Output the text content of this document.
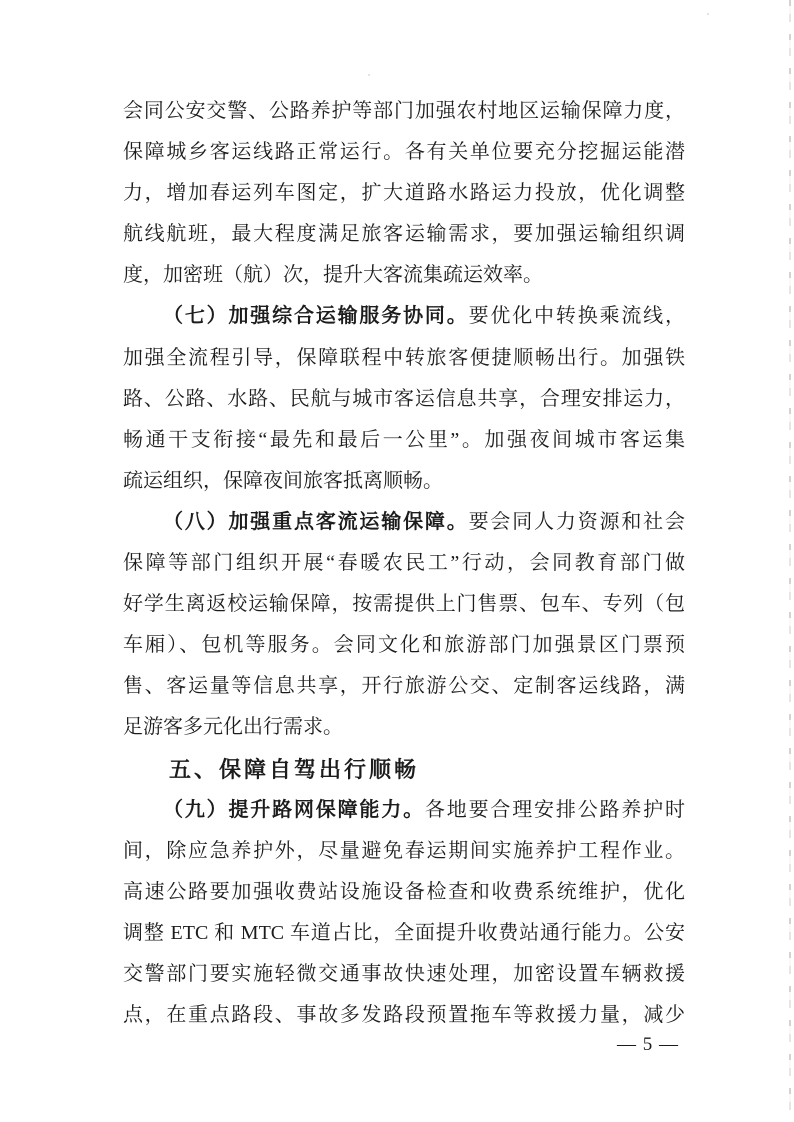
会同公安交警、公路养护等部门加强农村地区运输保障力度，
保障城乡客运线路正常运行。各有关单位要充分挖掘运能潜
力，增加春运列车图定，扩大道路水路运力投放，优化调整
航线航班，最大程度满足旅客运输需求，要加强运输组织调
度，加密班（航）次，提升大客流集疏运效率。
（七）加强综合运输服务协同。要优化中转换乘流线，
加强全流程引导，保障联程中转旅客便捷顺畅出行。加强铁
路、公路、水路、民航与城市客运信息共享，合理安排运力，
畅通干支衔接“最先和最后一公里”。加强夜间城市客运集
疏运组织，保障夜间旅客抵离顺畅。
（八）加强重点客流运输保障。要会同人力资源和社会
保障等部门组织开展“春暖农民工”行动，会同教育部门做
好学生离返校运输保障，按需提供上门售票、包车、专列（包
车厢）、包机等服务。会同文化和旅游部门加强景区门票预
售、客运量等信息共享，开行旅游公交、定制客运线路，满
足游客多元化出行需求。
五、保障自驾出行顺畅
（九）提升路网保障能力。各地要合理安排公路养护时
间，除应急养护外，尽量避免春运期间实施养护工程作业。
高速公路要加强收费站设施设备检查和收费系统维护，优化
调整 ETC 和 MTC 车道占比，全面提升收费站通行能力。公安
交警部门要实施轻微交通事故快速处理，加密设置车辆救援
点，在重点路段、事故多发路段预置拖车等救援力量，减少
— 5 —
